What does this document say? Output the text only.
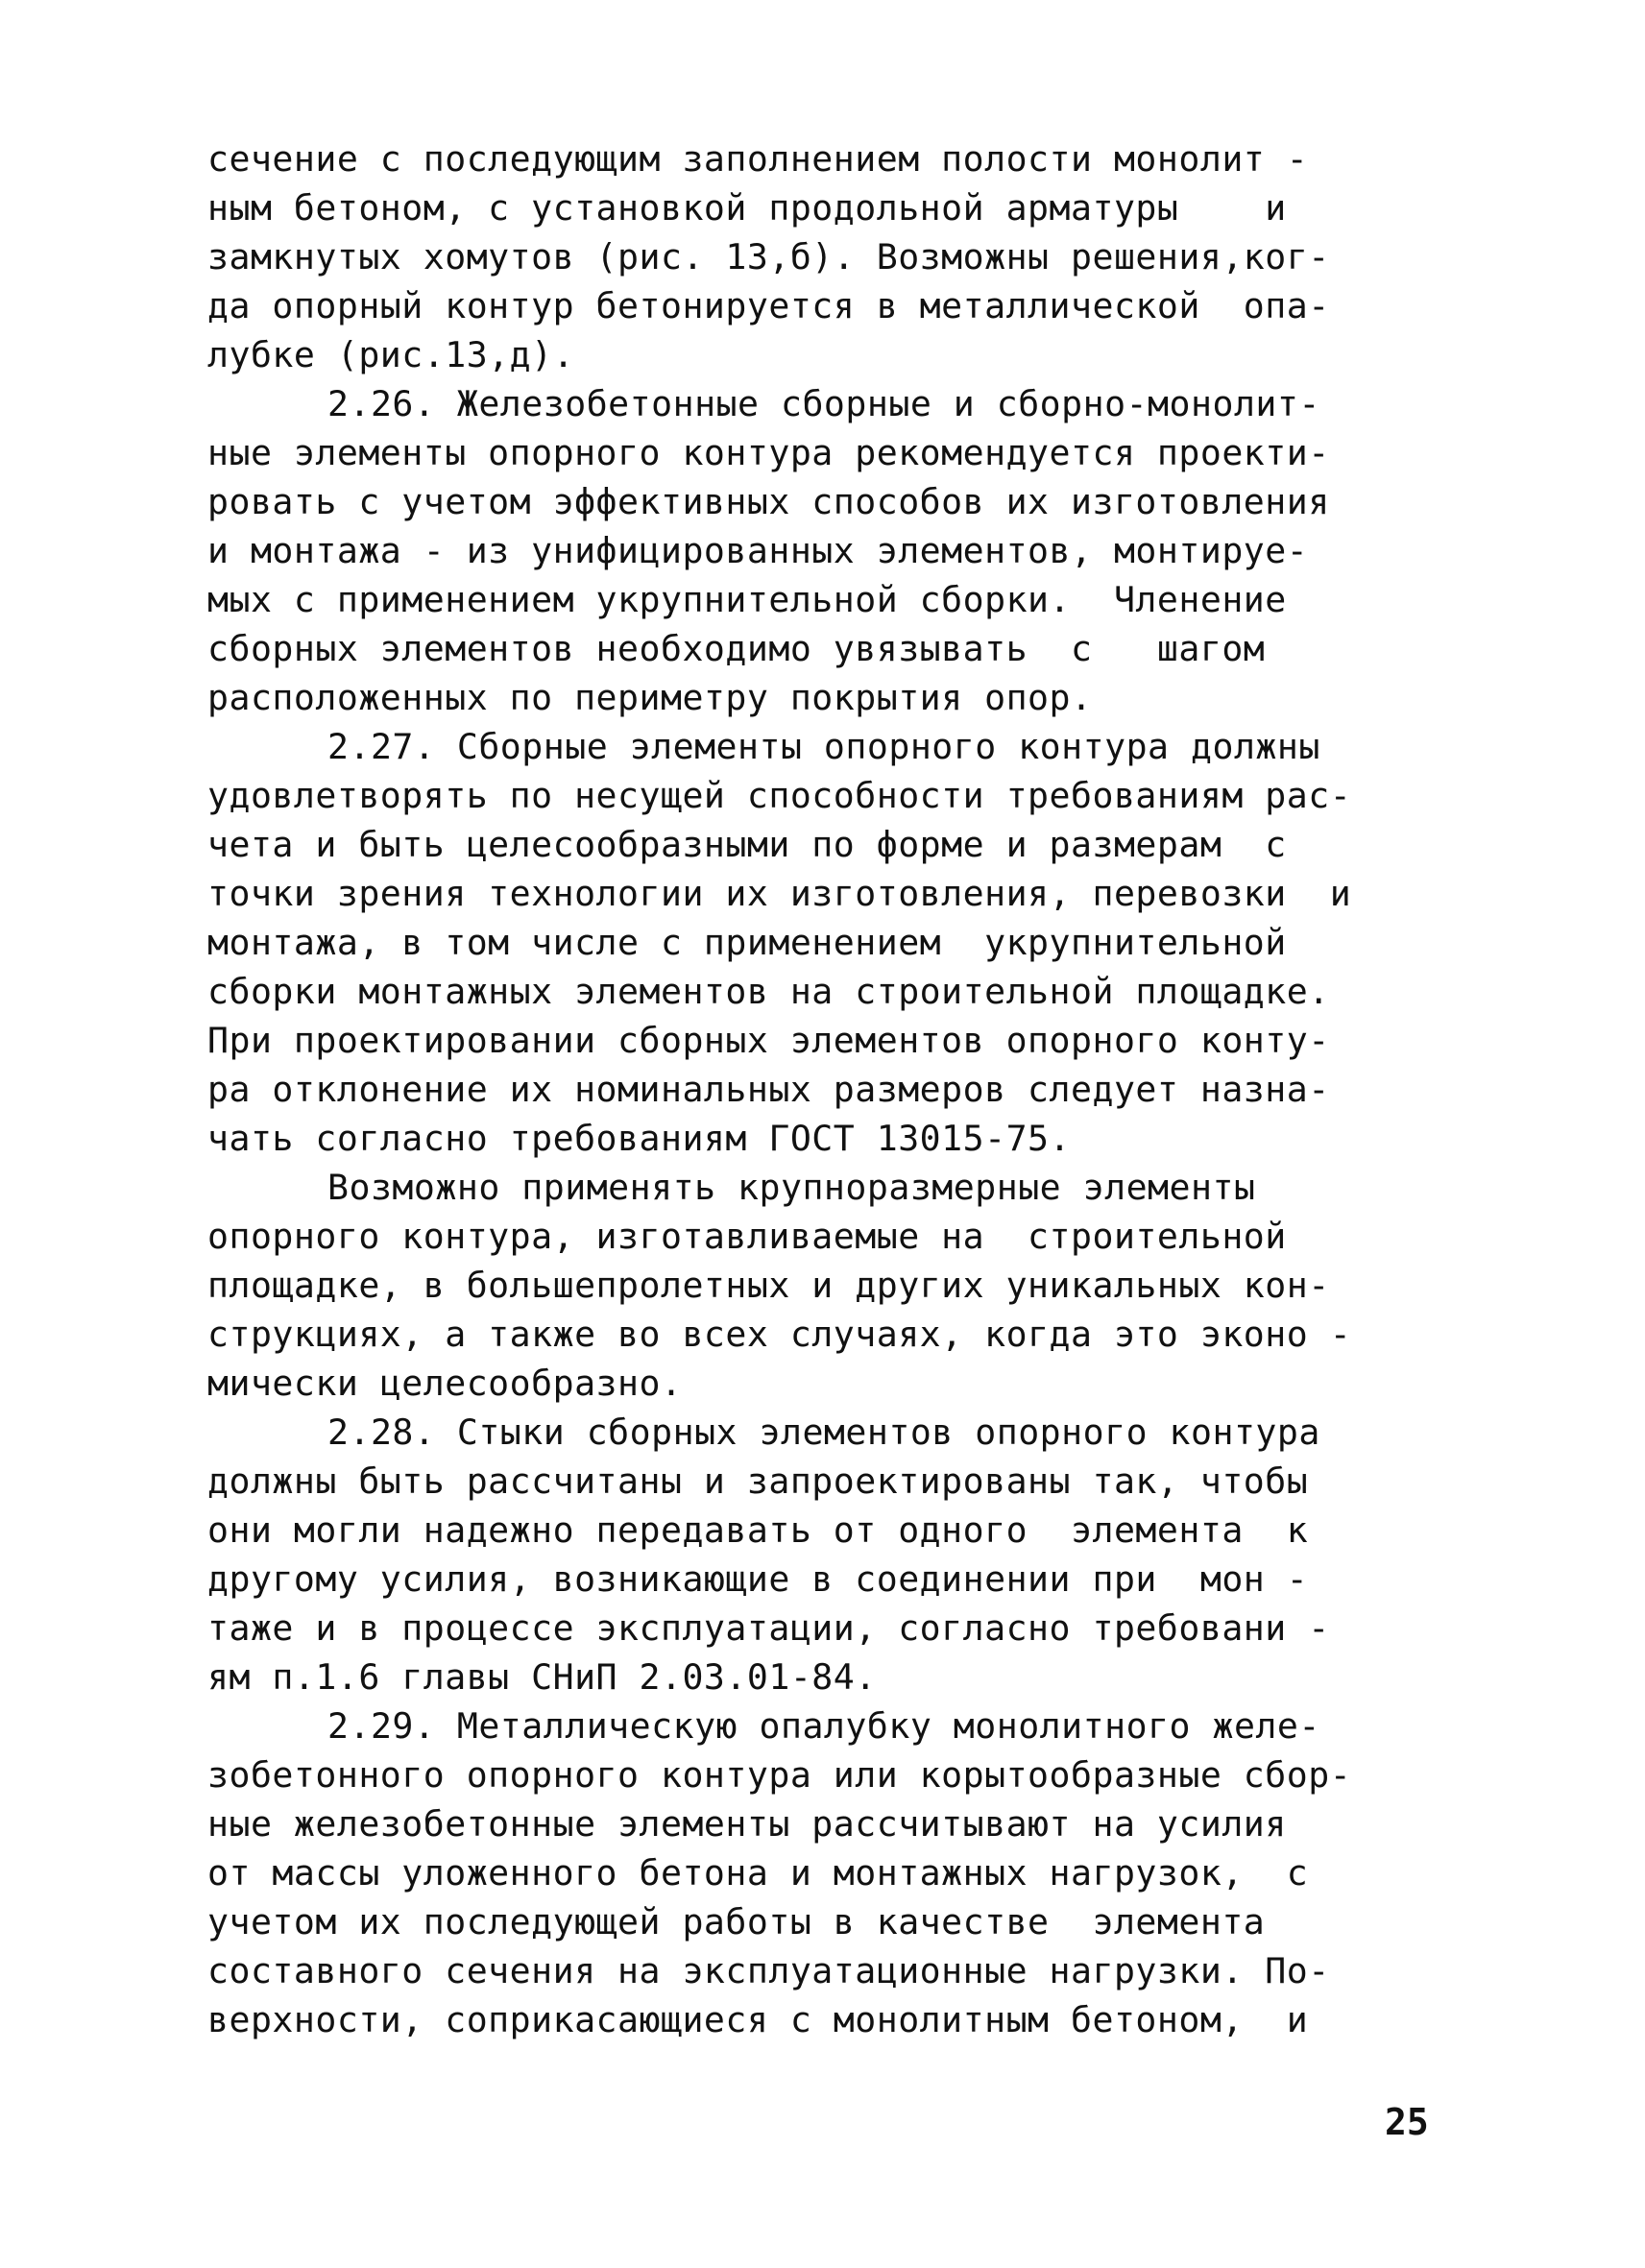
сечение с последующим заполнением полости монолит -
ным бетоном, с установкой продольной арматуры    и
замкнутых хомутов (рис. 13,б). Возможны решения,ког-
да опорный контур бетонируется в металлической  опа-
лубке (рис.13,д).
2.26. Железобетонные сборные и сборно-монолит-
ные элементы опорного контура рекомендуется проекти-
ровать с учетом эффективных способов их изготовления
и монтажа - из унифицированных элементов, монтируе-
мых с применением укрупнительной сборки.  Членение
сборных элементов необходимо увязывать  с   шагом
расположенных по периметру покрытия опор.
2.27. Сборные элементы опорного контура должны
удовлетворять по несущей способности требованиям рас-
чета и быть целесообразными по форме и размерам  с
точки зрения технологии их изготовления, перевозки  и
монтажа, в том числе с применением  укрупнительной
сборки монтажных элементов на строительной площадке.
При проектировании сборных элементов опорного конту-
ра отклонение их номинальных размеров следует назна-
чать согласно требованиям ГОСТ 13015-75.
Возможно применять крупноразмерные элементы
опорного контура, изготавливаемые на  строительной
площадке, в большепролетных и других уникальных кон-
струкциях, а также во всех случаях, когда это эконо -
мически целесообразно.
2.28. Стыки сборных элементов опорного контура
должны быть рассчитаны и запроектированы так, чтобы
они могли надежно передавать от одного  элемента  к
другому усилия, возникающие в соединении при  мон -
таже и в процессе эксплуатации, согласно требовани -
ям п.1.6 главы СНиП 2.03.01-84.
2.29. Металлическую опалубку монолитного желе-
зобетонного опорного контура или корытообразные сбор-
ные железобетонные элементы рассчитывают на усилия
от массы уложенного бетона и монтажных нагрузок,  с
учетом их последующей работы в качестве  элемента
составного сечения на эксплуатационные нагрузки. По-
верхности, соприкасающиеся с монолитным бетоном,  и
25
